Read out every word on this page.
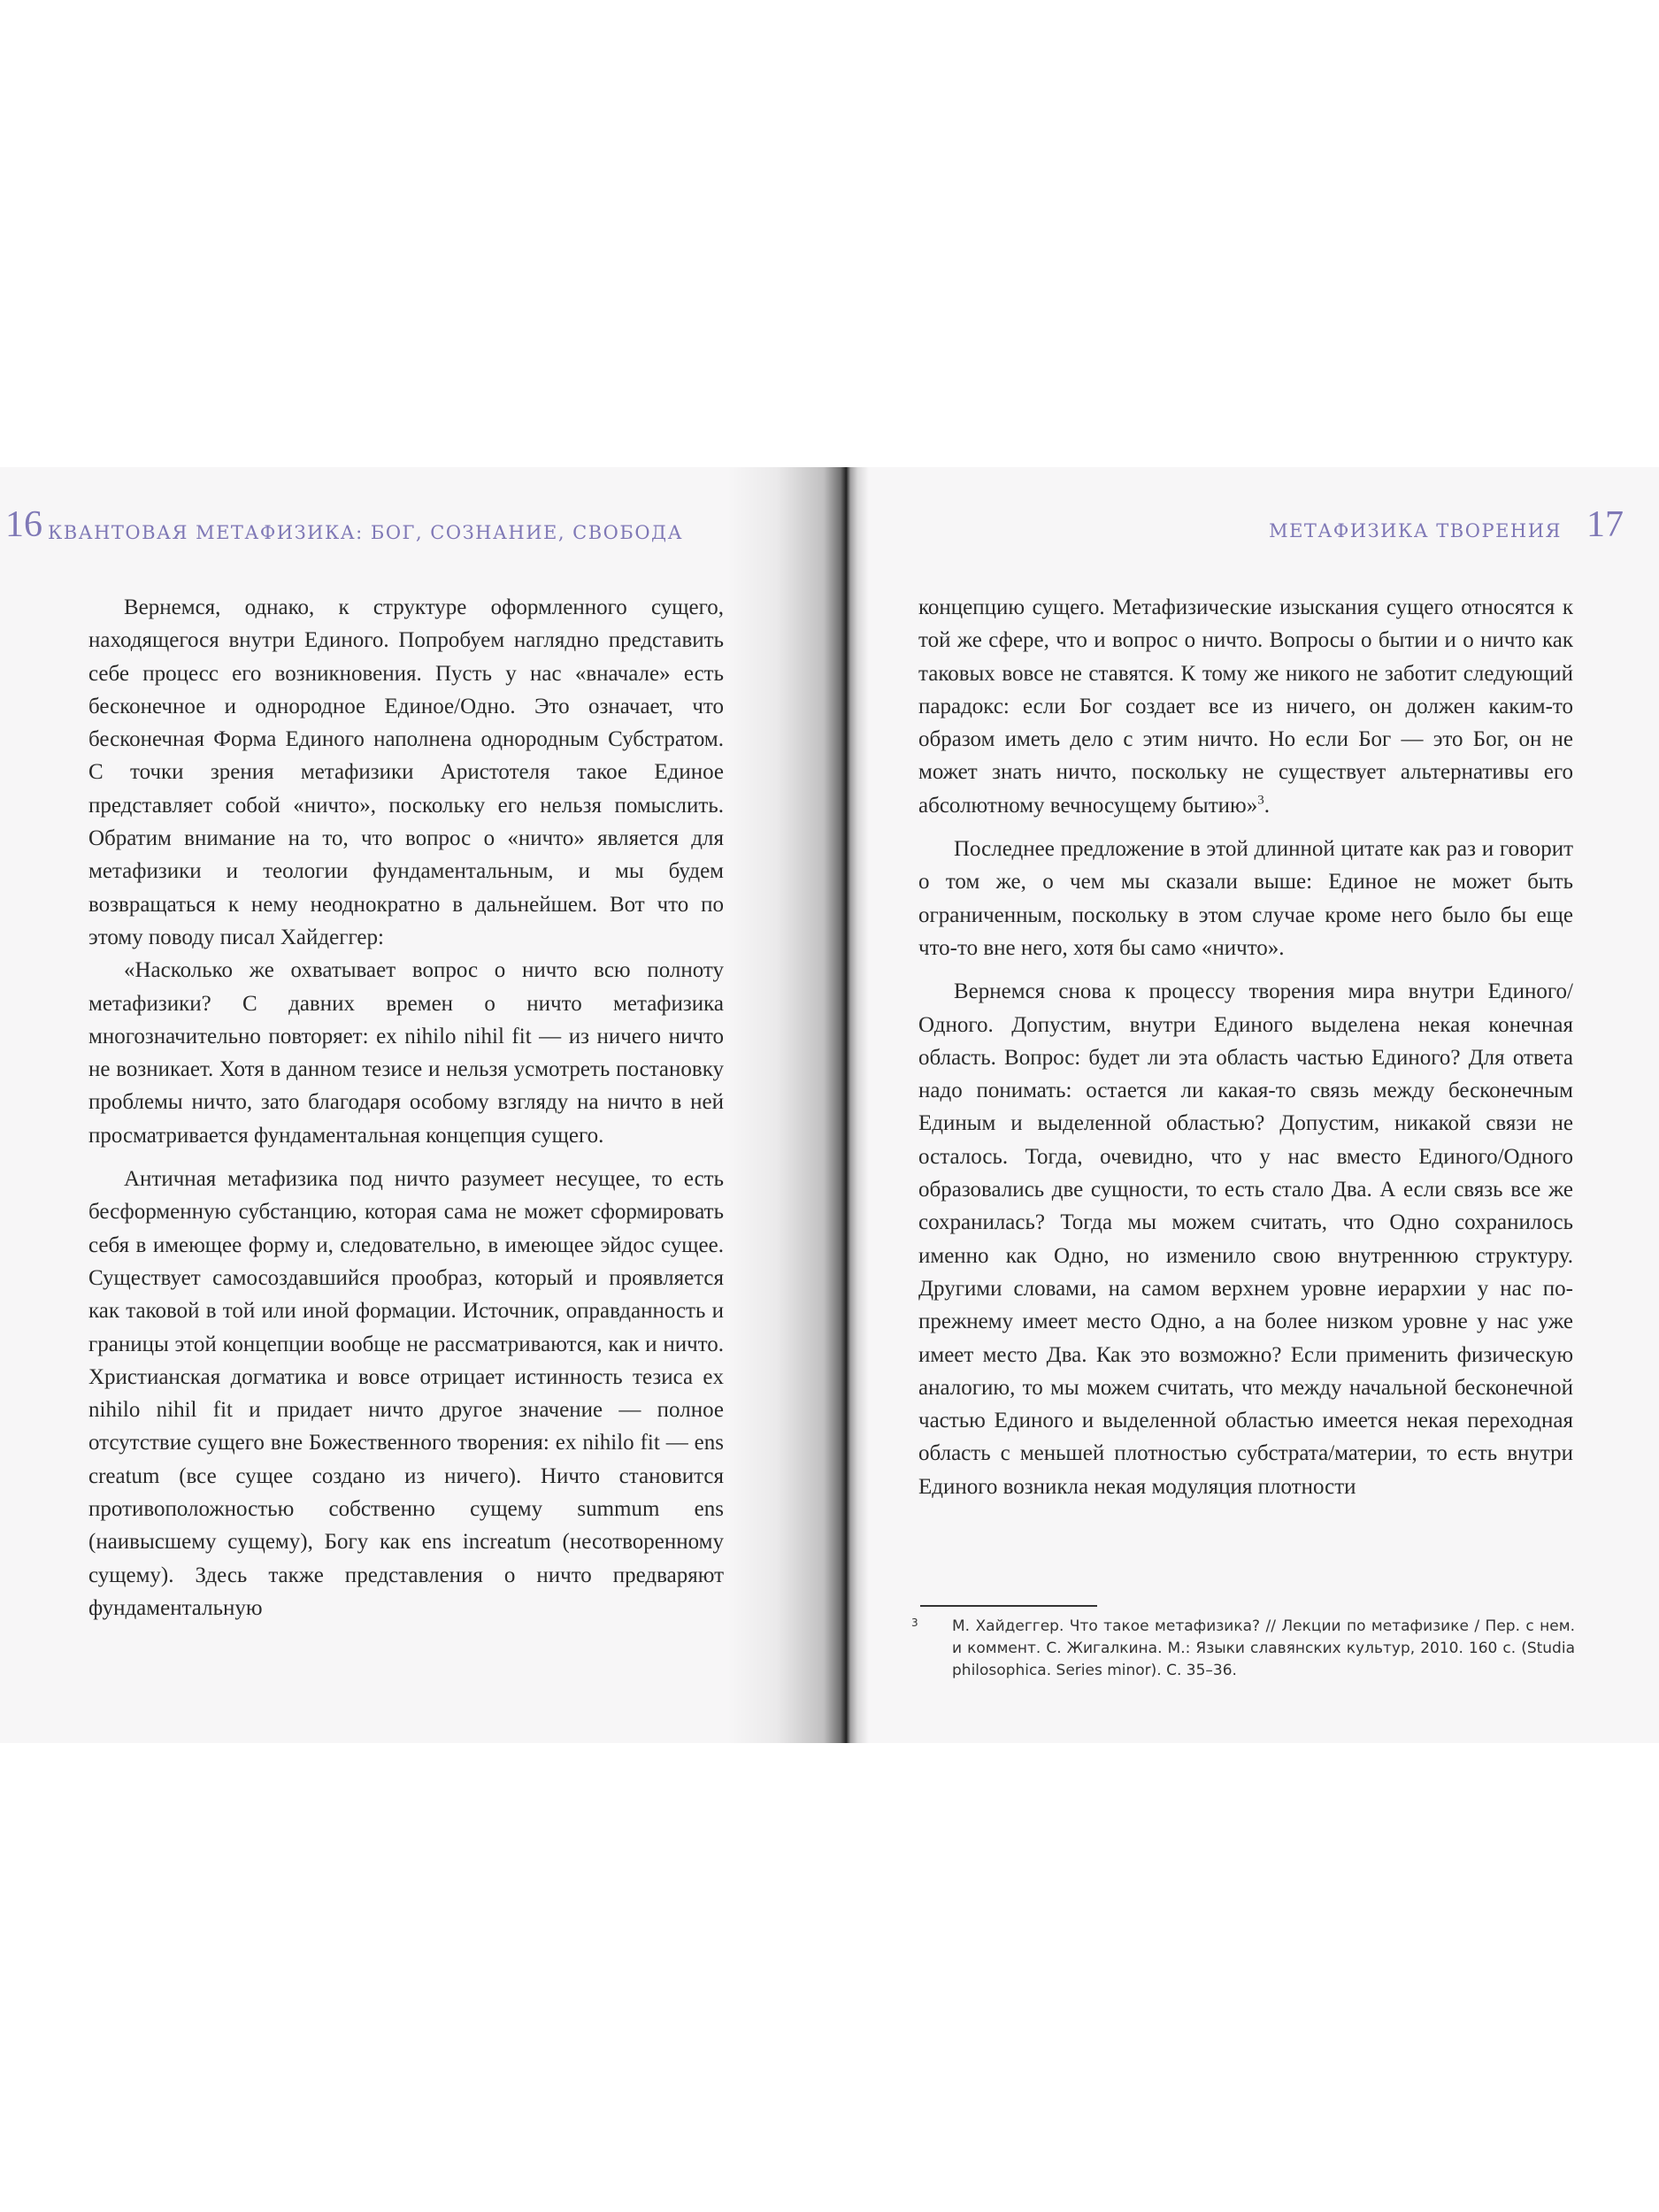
16 КВАНТОВАЯ МЕТАФИЗИКА: БОГ, СОЗНАНИЕ, СВОБОДА

Вернемся, однако, к структуре оформленного сущего, находящегося внутри Единого. Попробуем наглядно представить себе процесс его возникновения. Пусть у нас «вначале» есть бесконечное и однородное Единое/Одно. Это означает, что бесконечная Форма Единого наполнена однородным Субстратом. С точки зрения метафизики Аристотеля такое Единое представляет собой «ничто», поскольку его нельзя помыслить. Обратим внимание на то, что вопрос о «ничто» является для метафизики и теологии фундаментальным, и мы будем возвращаться к нему неоднократно в дальнейшем. Вот что по этому поводу писал Хайдеггер:

«Насколько же охватывает вопрос о ничто всю полноту метафизики? С давних времен о ничто метафизика многозначительно повторяет: ex nihilo nihil fit — из ничего ничто не возникает. Хотя в данном тезисе и нельзя усмотреть постановку проблемы ничто, зато благодаря особому взгляду на ничто в ней просматривается фундаментальная концепция сущего.

Античная метафизика под ничто разумеет несущее, то есть бесформенную субстанцию, которая сама не может сформировать себя в имеющее форму и, следовательно, в имеющее эйдос сущее. Существует самосоздавшийся прообраз, который и проявляется как таковой в той или иной формации. Источник, оправданность и границы этой концепции вообще не рассматриваются, как и ничто. Христианская догматика и вовсе отрицает истинность тезиса ex nihilo nihil fit и придает ничто другое значение — полное отсутствие сущего вне Божественного творения: ex nihilo fit — ens creatum (все сущее создано из ничего). Ничто становится противоположностью собственно сущему summum ens (наивысшему сущему), Богу как ens increatum (несотворенному сущему). Здесь также представления о ничто предваряют фундаментальную

МЕТАФИЗИКА ТВОРЕНИЯ 17

концепцию сущего. Метафизические изыскания сущего относятся к той же сфере, что и вопрос о ничто. Вопросы о бытии и о ничто как таковых вовсе не ставятся. К тому же никого не заботит следующий парадокс: если Бог создает все из ничего, он должен каким-то образом иметь дело с этим ничто. Но если Бог — это Бог, он не может знать ничто, поскольку не существует альтернативы его абсолютному вечносущему бытию»$^3$.

Последнее предложение в этой длинной цитате как раз и говорит о том же, о чем мы сказали выше: Единое не может быть ограниченным, поскольку в этом случае кроме него было бы еще что-то вне него, хотя бы само «ничто».

Вернемся снова к процессу творения мира внутри Единого/Одного. Допустим, внутри Единого выделена некая конечная область. Вопрос: будет ли эта область частью Единого? Для ответа надо понимать: остается ли какая-то связь между бесконечным Единым и выделенной областью? Допустим, никакой связи не осталось. Тогда, очевидно, что у нас вместо Единого/Одного образовались две сущности, то есть стало Два. А если связь все же сохранилась? Тогда мы можем считать, что Одно сохранилось именно как Одно, но изменило свою внутреннюю структуру. Другими словами, на самом верхнем уровне иерархии у нас по-прежнему имеет место Одно, а на более низком уровне у нас уже имеет место Два. Как это возможно? Если применить физическую аналогию, то мы можем считать, что между начальной бесконечной частью Единого и выделенной областью имеется некая переходная область с меньшей плотностью субстрата/материи, то есть внутри Единого возникла некая модуляция плотности

3 М. Хайдеггер. Что такое метафизика? // Лекции по метафизике / Пер. с нем. и коммент. С. Жигалкина. М.: Языки славянских культур, 2010. 160 с. (Studia philosophica. Series minor). С. 35–36.
